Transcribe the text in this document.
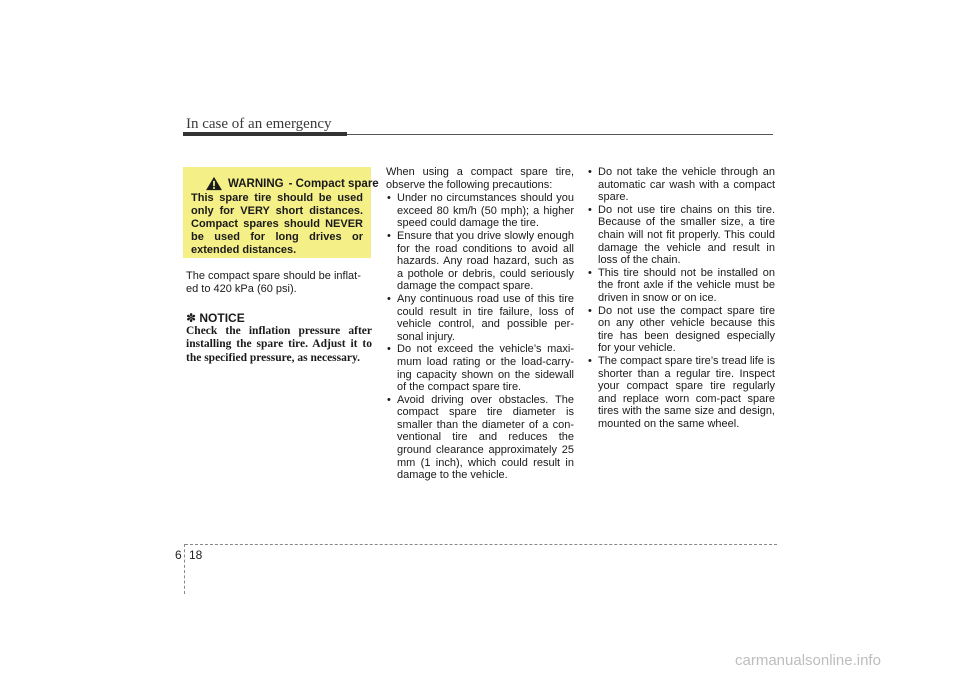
In case of an emergency
WARNING - Compact spare
This spare tire should be used only for VERY short distances. Compact spares should NEVER be used for long drives or extended distances.
The compact spare should be inflat-ed to 420 kPa (60 psi).
✽ NOTICE
Check the inflation pressure after installing the spare tire. Adjust it to the specified pressure, as necessary.

When using a compact spare tire, observe the following precautions:

• Under no circumstances should you exceed 80 km/h (50 mph); a higher speed could damage the tire.
• Ensure that you drive slowly enough for the road conditions to avoid all hazards. Any road hazard, such as a pothole or debris, could seriously damage the compact spare.
• Any continuous road use of this tire could result in tire failure, loss of vehicle control, and possible per-sonal injury.
• Do not exceed the vehicle’s maxi-mum load rating or the load-carry-ing capacity shown on the sidewall of the compact spare tire.
• Avoid driving over obstacles. The compact spare tire diameter is smaller than the diameter of a con-ventional tire and reduces the ground clearance approximately 25 mm (1 inch), which could result in damage to the vehicle.
• Do not take the vehicle through an automatic car wash with a compact spare.
• Do not use tire chains on this tire. Because of the smaller size, a tire chain will not fit properly. This could damage the vehicle and result in loss of the chain.
• This tire should not be installed on the front axle if the vehicle must be driven in snow or on ice.
• Do not use the compact spare tire on any other vehicle because this tire has been designed especially for your vehicle.
• The compact spare tire’s tread life is shorter than a regular tire. Inspect your compact spare tire regularly and replace worn com-pact spare tires with the same size and design, mounted on the same wheel.
6 18
carmanualsonline.info
